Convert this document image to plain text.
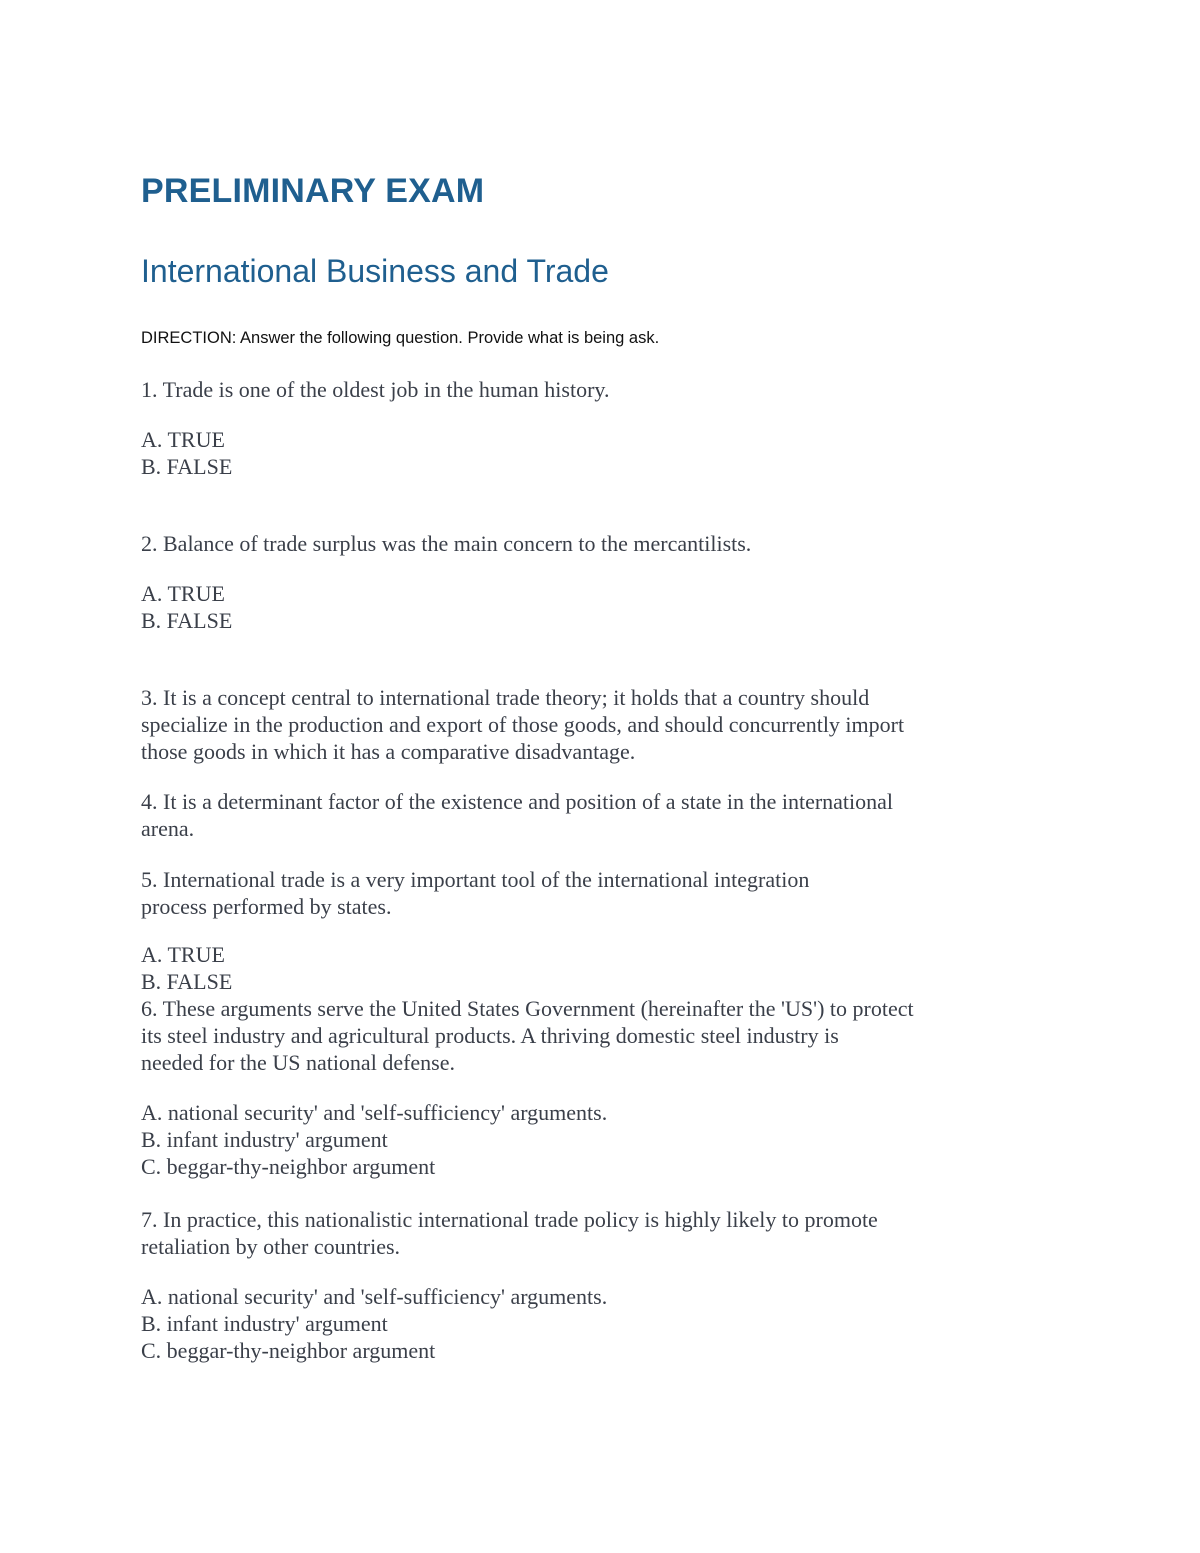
PRELIMINARY EXAM
International Business and Trade

DIRECTION: Answer the following question. Provide what is being ask.

1. Trade is one of the oldest job in the human history.

A. TRUE

B. FALSE

2. Balance of trade surplus was the main concern to the mercantilists.

A. TRUE

B. FALSE

3. It is a concept central to international trade theory; it holds that a country should

specialize in the production and export of those goods, and should concurrently import

those goods in which it has a comparative disadvantage.

4. It is a determinant factor of the existence and position of a state in the international

arena.

5. International trade is a very important tool of the international integration

process performed by states.

A. TRUE

B. FALSE

6. These arguments serve the United States Government (hereinafter the 'US') to protect

its steel industry and agricultural products. A thriving domestic steel industry is

needed for the US national defense.

A. national security' and 'self-sufficiency' arguments.

B. infant industry' argument

C. beggar-thy-neighbor argument

7. In practice, this nationalistic international trade policy is highly likely to promote

retaliation by other countries.

A. national security' and 'self-sufficiency' arguments.

B. infant industry' argument

C. beggar-thy-neighbor argument
